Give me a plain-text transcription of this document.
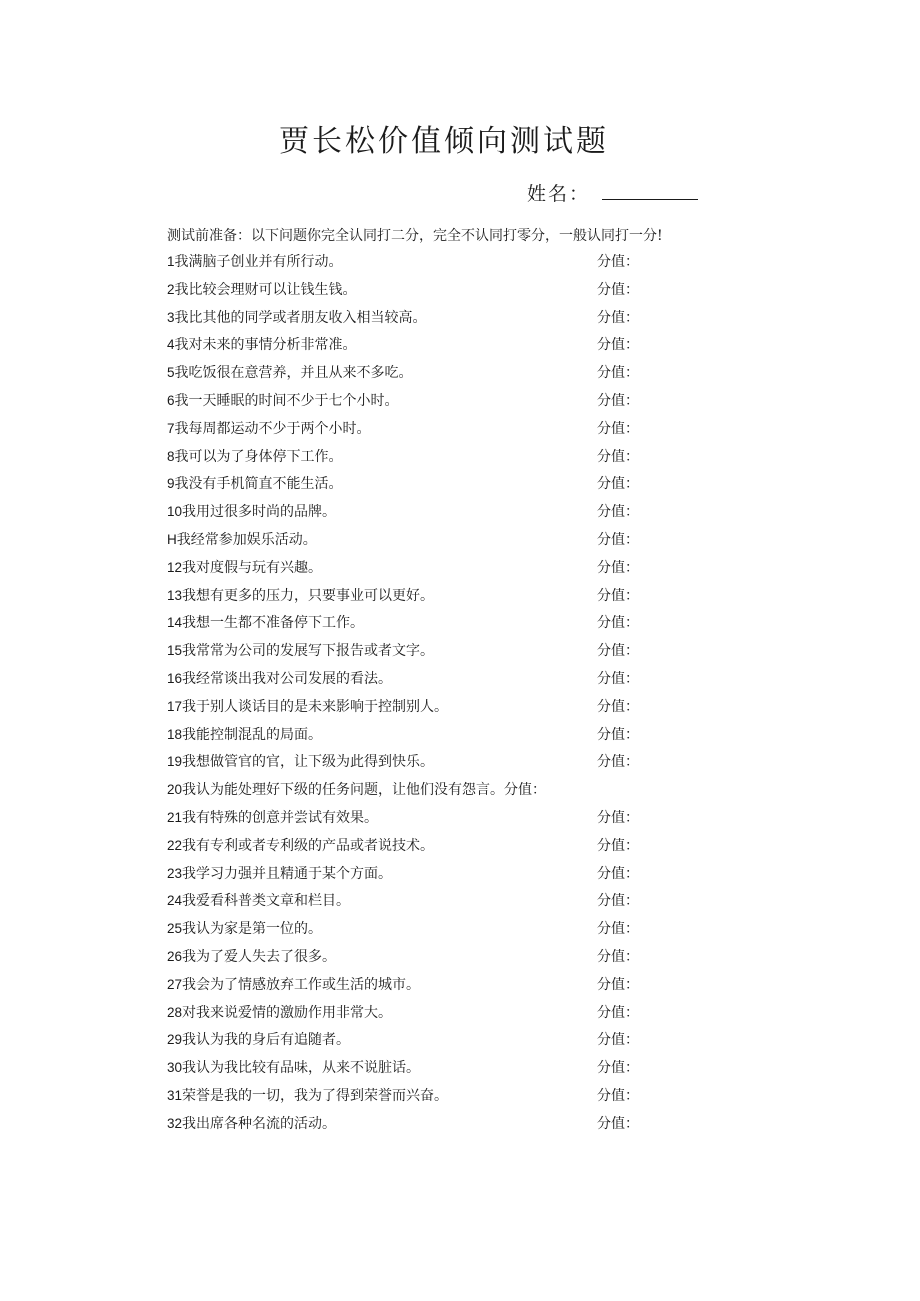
贾长松价值倾向测试题
姓名：
测试前准备：以下问题你完全认同打二分，完全不认同打零分，一般认同打一分!
1我满脑子创业并有所行动。	分值：
2我比较会理财可以让钱生钱。	分值：
3我比其他的同学或者朋友收入相当较高。	分值：
4我对未来的事情分析非常准。	分值：
5我吃饭很在意营养，并且从来不多吃。	分值：
6我一天睡眠的时间不少于七个小时。	分值：
7我每周都运动不少于两个小时。	分值：
8我可以为了身体停下工作。	分值：
9我没有手机简直不能生活。	分值：
10我用过很多时尚的品牌。	分值：
H我经常参加娱乐活动。	分值：
12我对度假与玩有兴趣。	分值：
13我想有更多的压力，只要事业可以更好。	分值：
14我想一生都不准备停下工作。	分值：
15我常常为公司的发展写下报告或者文字。	分值：
16我经常谈出我对公司发展的看法。	分值：
17我于别人谈话目的是未来影响于控制别人。	分值：
18我能控制混乱的局面。	分值：
19我想做管官的官，让下级为此得到快乐。	分值：
20我认为能处理好下级的任务问题，让他们没有怨言。分值：
21我有特殊的创意并尝试有效果。	分值：
22我有专利或者专利级的产品或者说技术。	分值：
23我学习力强并且精通于某个方面。	分值：
24我爱看科普类文章和栏目。	分值：
25我认为家是第一位的。	分值：
26我为了爱人失去了很多。	分值：
27我会为了情感放弃工作或生活的城市。	分值：
28对我来说爱情的激励作用非常大。	分值：
29我认为我的身后有追随者。	分值：
30我认为我比较有品味，从来不说脏话。	分值：
31荣誉是我的一切，我为了得到荣誉而兴奋。	分值：
32我出席各种名流的活动。	分值：
